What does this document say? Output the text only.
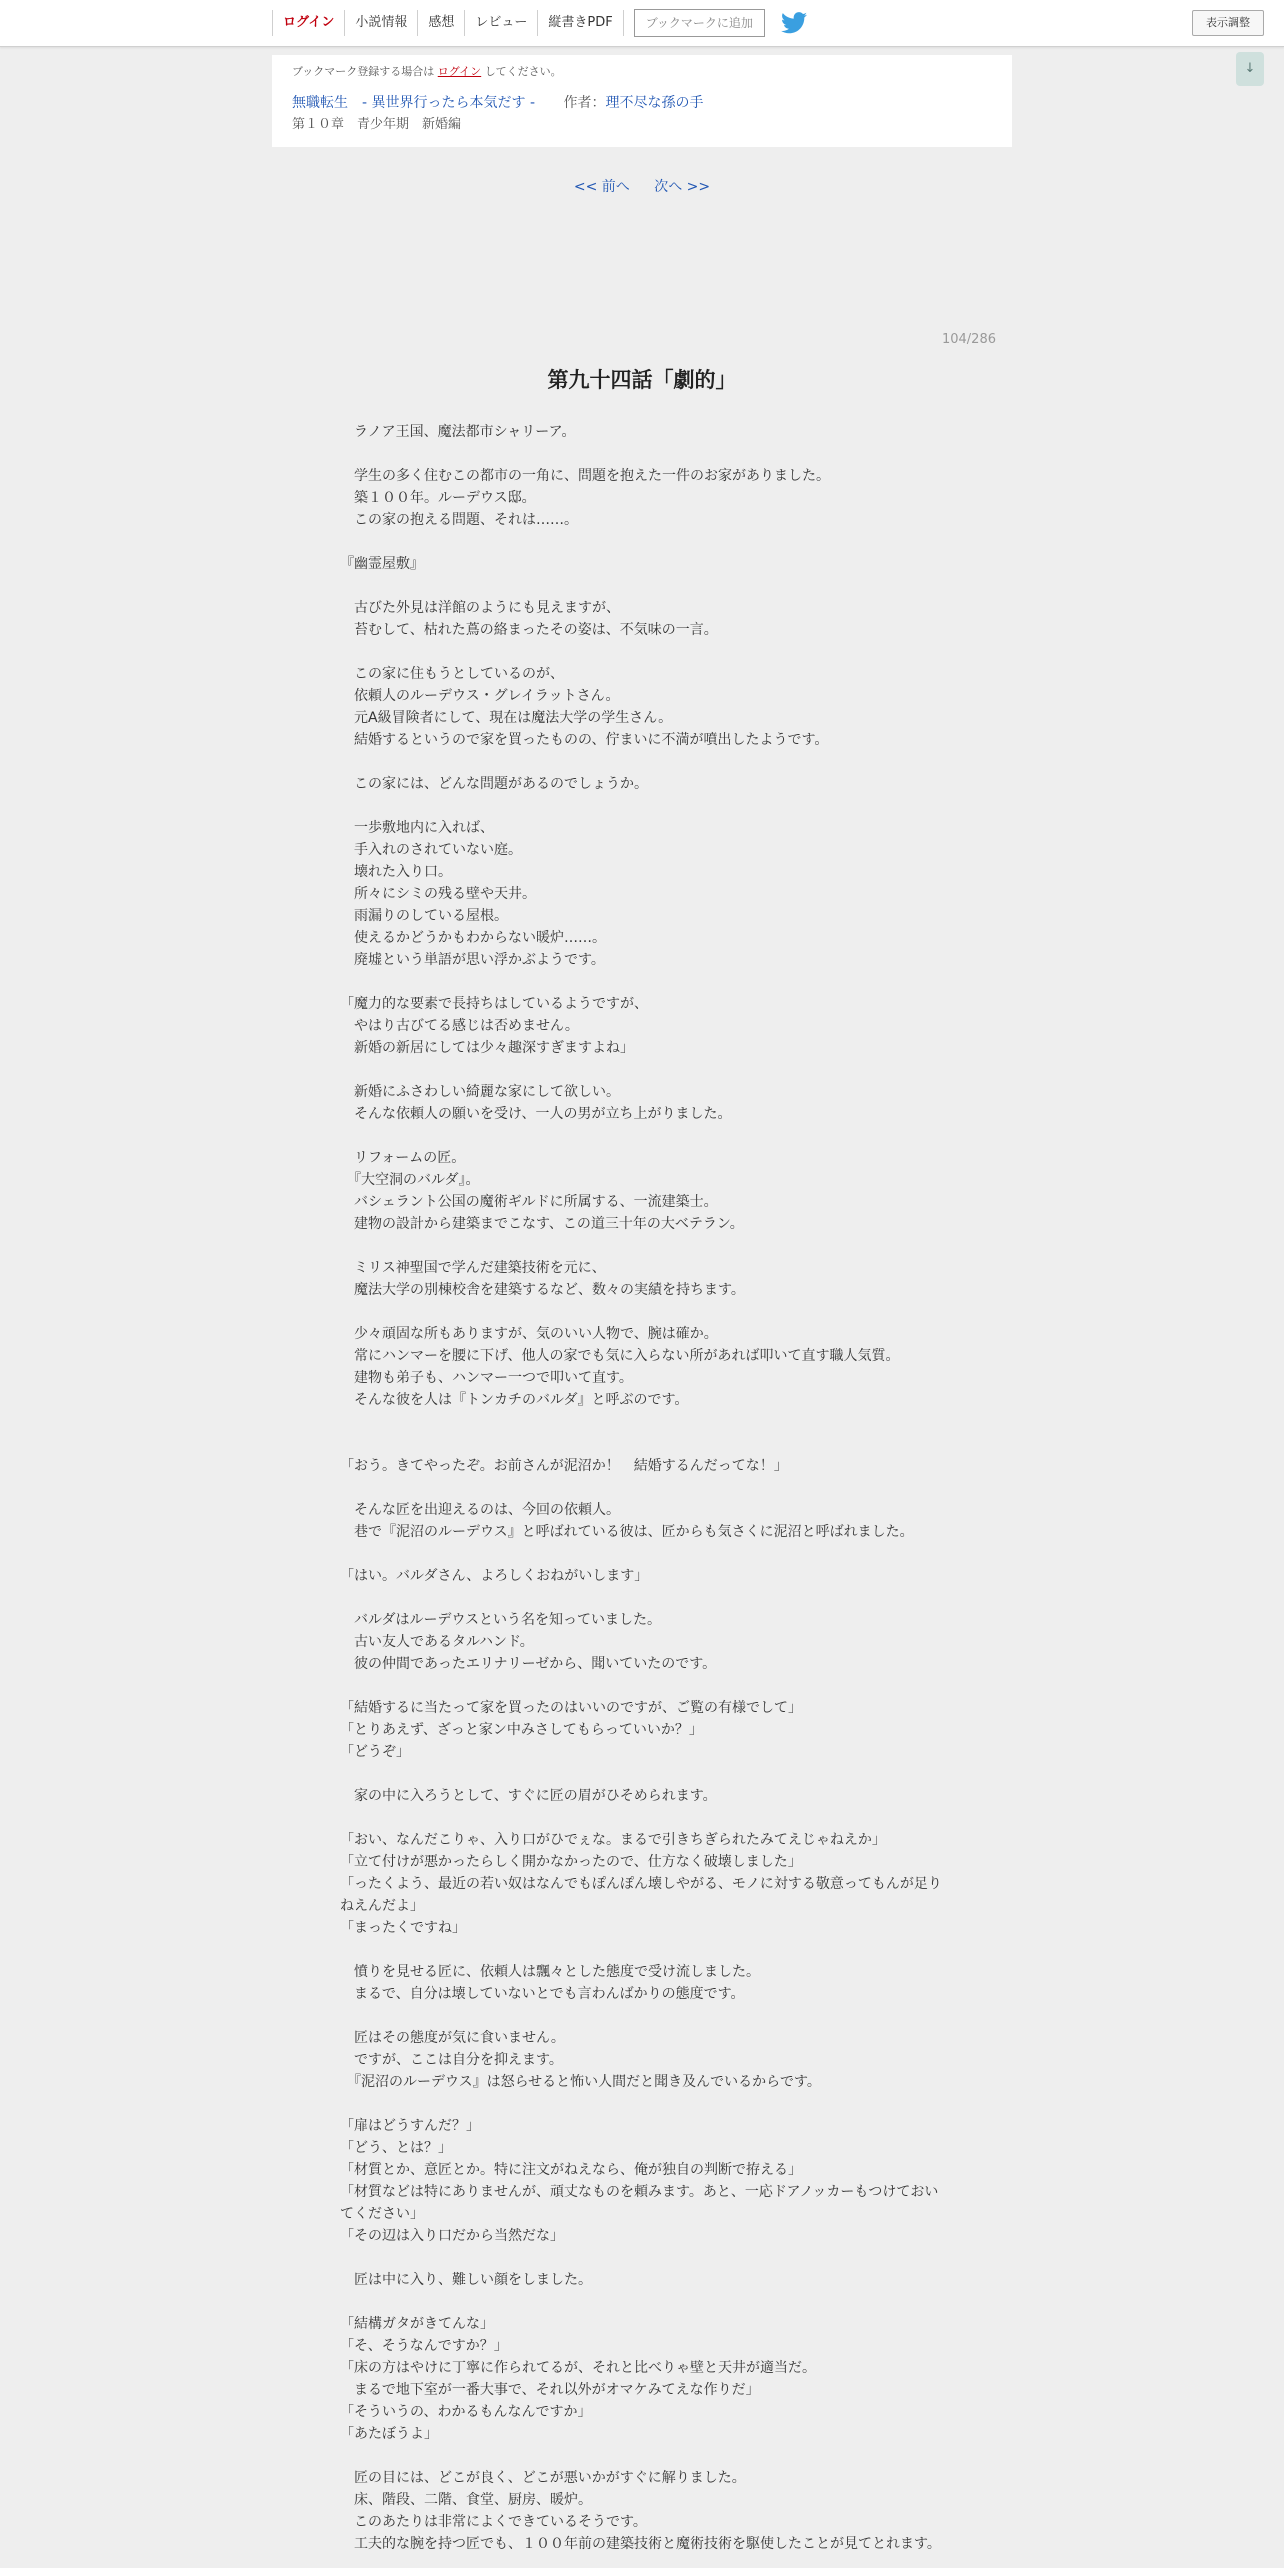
ログイン	小説情報	感想	レビュー	縦書きPDF	ブックマークに追加	表示調整
↓
ブックマーク登録する場合は ログイン してください。
無職転生　- 異世界行ったら本気だす - 作者：理不尽な孫の手
第１０章　青少年期　新婚編
<< 前へ 次へ >>
104/286
第九十四話「劇的」

　ラノア王国、魔法都市シャリーア。

　学生の多く住むこの都市の一角に、問題を抱えた一件のお家がありました。

　築１００年。ルーデウス邸。

　この家の抱える問題、それは……。

『幽霊屋敷』

　古びた外見は洋館のようにも見えますが、

　苔むして、枯れた蔦の絡まったその姿は、不気味の一言。

　この家に住もうとしているのが、

　依頼人のルーデウス・グレイラットさん。

　元A級冒険者にして、現在は魔法大学の学生さん。

　結婚するというので家を買ったものの、佇まいに不満が噴出したようです。

　この家には、どんな問題があるのでしょうか。

　一歩敷地内に入れば、

　手入れのされていない庭。

　壊れた入り口。

　所々にシミの残る壁や天井。

　雨漏りのしている屋根。

　使えるかどうかもわからない暖炉……。

　廃墟という単語が思い浮かぶようです。

「魔力的な要素で長持ちはしているようですが、

　やはり古びてる感じは否めません。

　新婚の新居にしては少々趣深すぎますよね」

　新婚にふさわしい綺麗な家にして欲しい。

　そんな依頼人の願いを受け、一人の男が立ち上がりました。

　リフォームの匠。

　『大空洞のバルダ』。

　バシェラント公国の魔術ギルドに所属する、一流建築士。

　建物の設計から建築までこなす、この道三十年の大ベテラン。

　ミリス神聖国で学んだ建築技術を元に、

　魔法大学の別棟校舎を建築するなど、数々の実績を持ちます。

　少々頑固な所もありますが、気のいい人物で、腕は確か。

　常にハンマーを腰に下げ、他人の家でも気に入らない所があれば叩いて直す職人気質。

　建物も弟子も、ハンマー一つで叩いて直す。

　そんな彼を人は『トンカチのバルダ』と呼ぶのです。

「おう。きてやったぞ。お前さんが泥沼か！　結婚するんだってな！」

　そんな匠を出迎えるのは、今回の依頼人。

　巷で『泥沼のルーデウス』と呼ばれている彼は、匠からも気さくに泥沼と呼ばれました。

「はい。バルダさん、よろしくおねがいします」

　バルダはルーデウスという名を知っていました。

　古い友人であるタルハンド。

　彼の仲間であったエリナリーゼから、聞いていたのです。

「結婚するに当たって家を買ったのはいいのですが、ご覧の有様でして」

「とりあえず、ざっと家ン中みさしてもらっていいか？」

「どうぞ」

　家の中に入ろうとして、すぐに匠の眉がひそめられます。

「おい、なんだこりゃ、入り口がひでぇな。まるで引きちぎられたみてえじゃねえか」

「立て付けが悪かったらしく開かなかったので、仕方なく破壊しました」

「ったくよう、最近の若い奴はなんでもぽんぽん壊しやがる、モノに対する敬意ってもんが足りねえんだよ」

「まったくですね」

　憤りを見せる匠に、依頼人は飄々とした態度で受け流しました。

　まるで、自分は壊していないとでも言わんばかりの態度です。

　匠はその態度が気に食いません。

　ですが、ここは自分を抑えます。

　『泥沼のルーデウス』は怒らせると怖い人間だと聞き及んでいるからです。

「扉はどうすんだ？」

「どう、とは？」

「材質とか、意匠とか。特に注文がねえなら、俺が独自の判断で拵える」

「材質などは特にありませんが、頑丈なものを頼みます。あと、一応ドアノッカーもつけておいてください」

「その辺は入り口だから当然だな」

　匠は中に入り、難しい顔をしました。

「結構ガタがきてんな」

「そ、そうなんですか？」

「床の方はやけに丁寧に作られてるが、それと比べりゃ壁と天井が適当だ。

　まるで地下室が一番大事で、それ以外がオマケみてえな作りだ」

「そういうの、わかるもんなんですか」

「あたぼうよ」

　匠の目には、どこが良く、どこが悪いかがすぐに解りました。

　床、階段、二階、食堂、厨房、暖炉。

　このあたりは非常によくできているそうです。

　工夫的な腕を持つ匠でも、１００年前の建築技術と魔術技術を駆使したことが見てとれます。
